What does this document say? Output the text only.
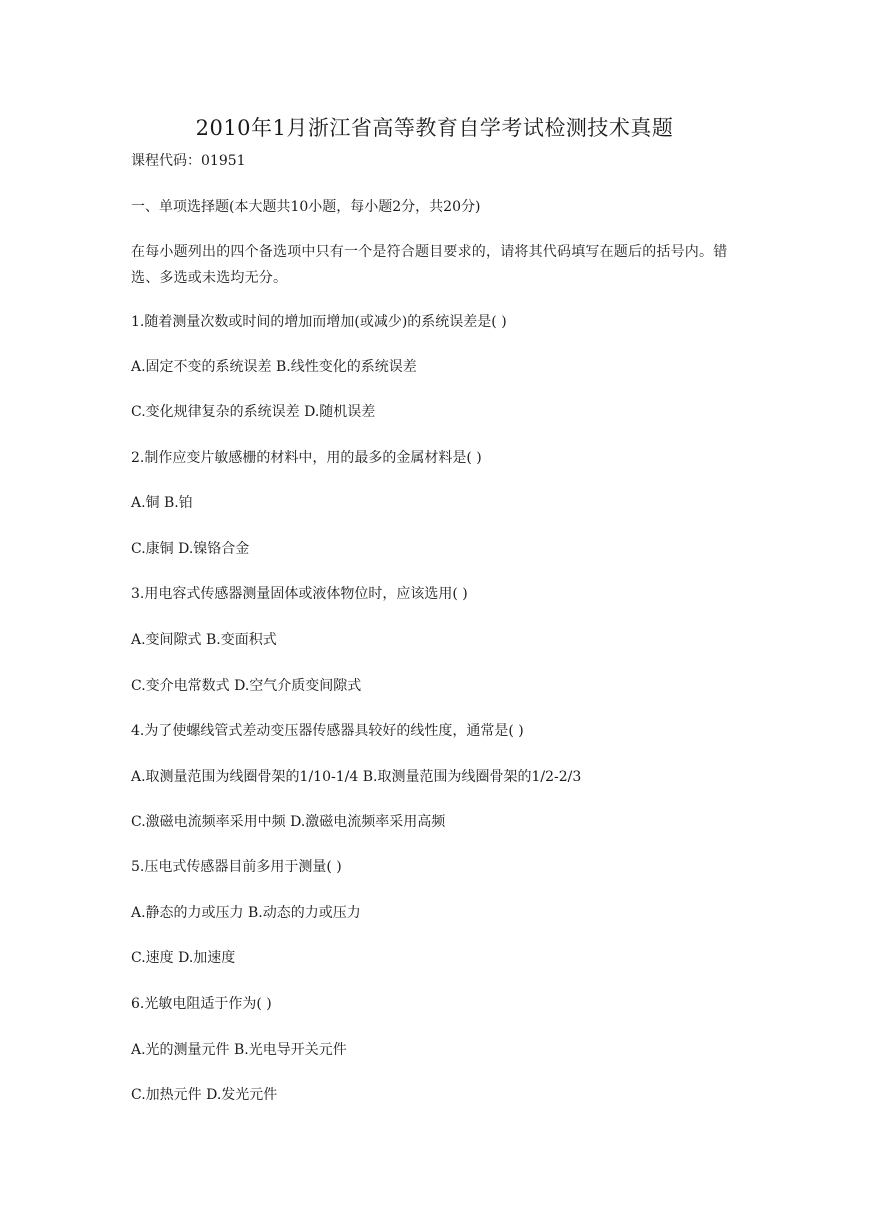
2010年1月浙江省高等教育自学考试检测技术真题

课程代码：01951

一、单项选择题(本大题共10小题，每小题2分，共20分)

在每小题列出的四个备选项中只有一个是符合题目要求的，请将其代码填写在题后的括号内。错选、多选或未选均无分。

1.随着测量次数或时间的增加而增加(或减少)的系统误差是( )

A.固定不变的系统误差 B.线性变化的系统误差

C.变化规律复杂的系统误差 D.随机误差

2.制作应变片敏感栅的材料中，用的最多的金属材料是( )

A.铜 B.铂

C.康铜 D.镍铬合金

3.用电容式传感器测量固体或液体物位时，应该选用( )

A.变间隙式 B.变面积式

C.变介电常数式 D.空气介质变间隙式

4.为了使螺线管式差动变压器传感器具较好的线性度，通常是( )

A.取测量范围为线圈骨架的1/10-1/4 B.取测量范围为线圈骨架的1/2-2/3

C.激磁电流频率采用中频 D.激磁电流频率采用高频

5.压电式传感器目前多用于测量( )

A.静态的力或压力 B.动态的力或压力

C.速度 D.加速度

6.光敏电阻适于作为( )

A.光的测量元件 B.光电导开关元件

C.加热元件 D.发光元件
